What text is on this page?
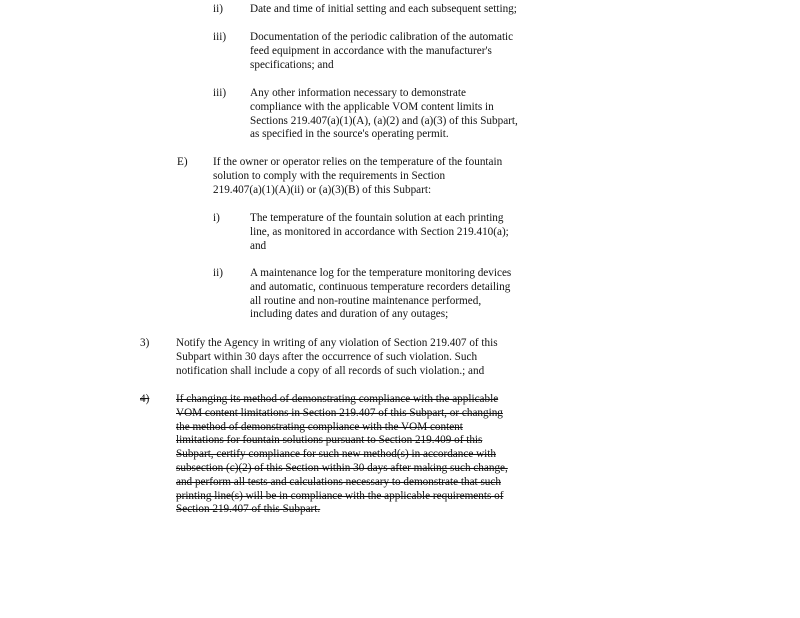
ii) Date and time of initial setting and each subsequent setting;
iii) Documentation of the periodic calibration of the automatic
feed equipment in accordance with the manufacturer's
specifications; and
iii) Any other information necessary to demonstrate
compliance with the applicable VOM content limits in
Sections 219.407(a)(1)(A), (a)(2) and (a)(3) of this Subpart,
as specified in the source's operating permit.
E) If the owner or operator relies on the temperature of the fountain
solution to comply with the requirements in Section
219.407(a)(1)(A)(ii) or (a)(3)(B) of this Subpart:
i)	The temperature of the fountain solution at each printing
line, as monitored in accordance with Section 219.410(a);
and
ii) A maintenance log for the temperature monitoring devices
and automatic, continuous temperature recorders detailing
all routine and non-routine maintenance performed,
including dates and duration of any outages;
3) Notify the Agency in writing of any violation of Section 219.407 of this
Subpart within 30 days after the occurrence of such violation. Such
notification shall include a copy of all records of such violation.; and
4) If changing its method of demonstrating compliance with the applicable
VOM content limitations in Section 219.407 of this Subpart, or changing
the method of demonstrating compliance with the VOM content
limitations for fountain solutions pursuant to Section 219.409 of this
Subpart, certify compliance for such new method(s) in accordance with
subsection (c)(2) of this Section within 30 days after making such change,
and perform all tests and calculations necessary to demonstrate that such
printing line(s) will be in compliance with the applicable requirements of
Section 219.407 of this Subpart.
